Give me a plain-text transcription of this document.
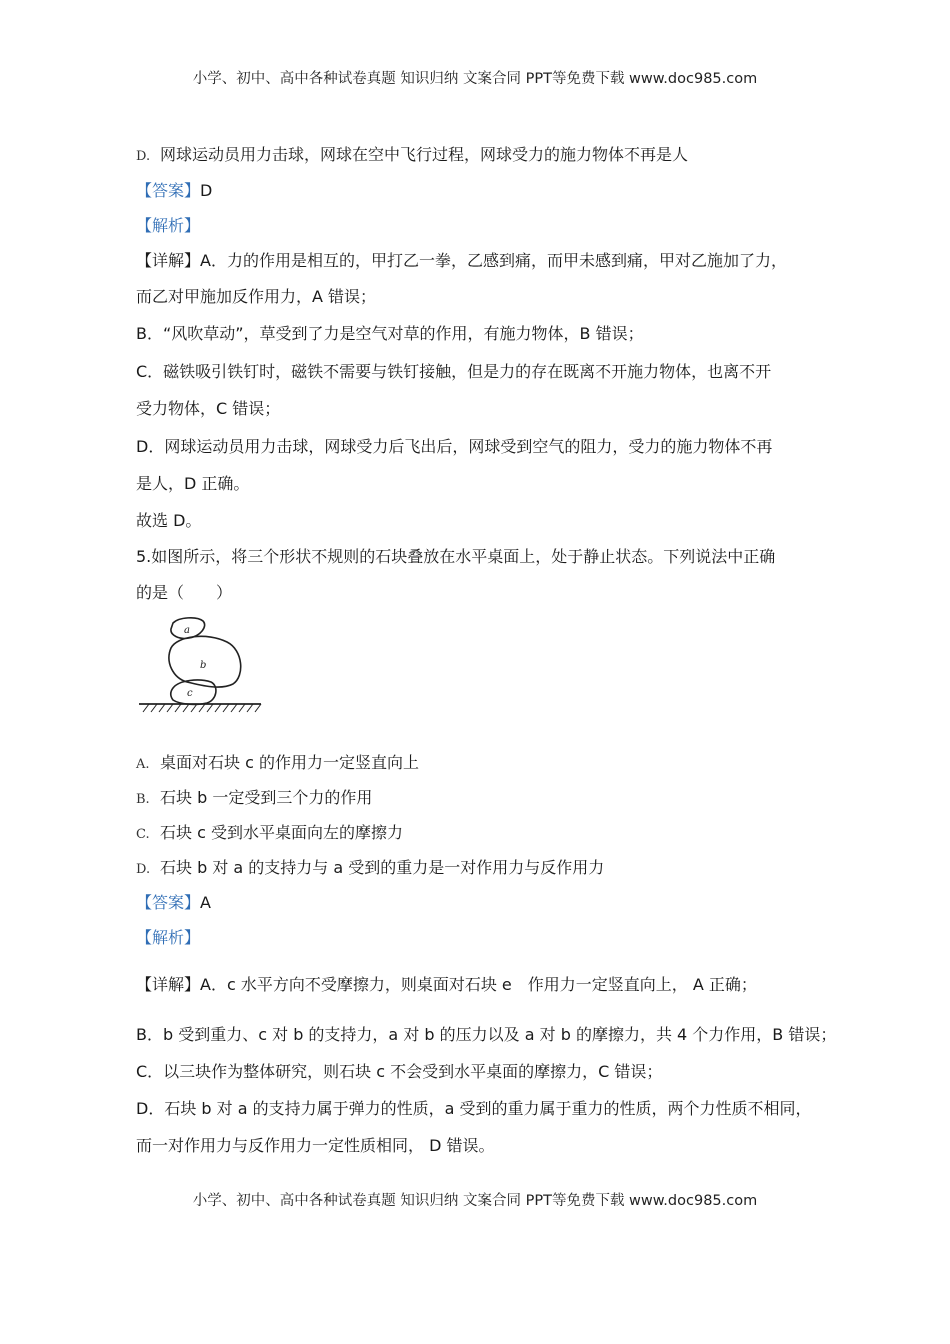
小学、初中、高中各种试卷真题 知识归纳 文案合同 PPT等免费下载 www.doc985.com
D. 网球运动员用力击球，网球在空中飞行过程，网球受力的施力物体不再是人
【答案】D
【解析】
【详解】A．力的作用是相互的，甲打乙一拳，乙感到痛，而甲未感到痛，甲对乙施加了力，
而乙对甲施加反作用力，A 错误；
B．“风吹草动”，草受到了力是空气对草的作用，有施力物体，B 错误；
C．磁铁吸引铁钉时，磁铁不需要与铁钉接触，但是力的存在既离不开施力物体，也离不开
受力物体，C 错误；
D．网球运动员用力击球，网球受力后飞出后，网球受到空气的阻力，受力的施力物体不再
是人，D 正确。
故选 D。
5.如图所示，将三个形状不规则的石块叠放在水平桌面上，处于静止状态。下列说法中正确
的是（　　）
a
b
c
A. 桌面对石块 c 的作用力一定竖直向上
B. 石块 b 一定受到三个力的作用
C. 石块 c 受到水平桌面向左的摩擦力
D. 石块 b 对 a 的支持力与 a 受到的重力是一对作用力与反作用力
【答案】A
【解析】
【详解】A．c 水平方向不受摩擦力，则桌面对石块 e　作用力一定竖直向上， A 正确；
B．b 受到重力、c 对 b 的支持力，a 对 b 的压力以及 a 对 b 的摩擦力，共 4 个力作用，B 错误；
C．以三块作为整体研究，则石块 c 不会受到水平桌面的摩擦力，C 错误；
D．石块 b 对 a 的支持力属于弹力的性质，a 受到的重力属于重力的性质，两个力性质不相同，
而一对作用力与反作用力一定性质相同， D 错误。
小学、初中、高中各种试卷真题 知识归纳 文案合同 PPT等免费下载 www.doc985.com
